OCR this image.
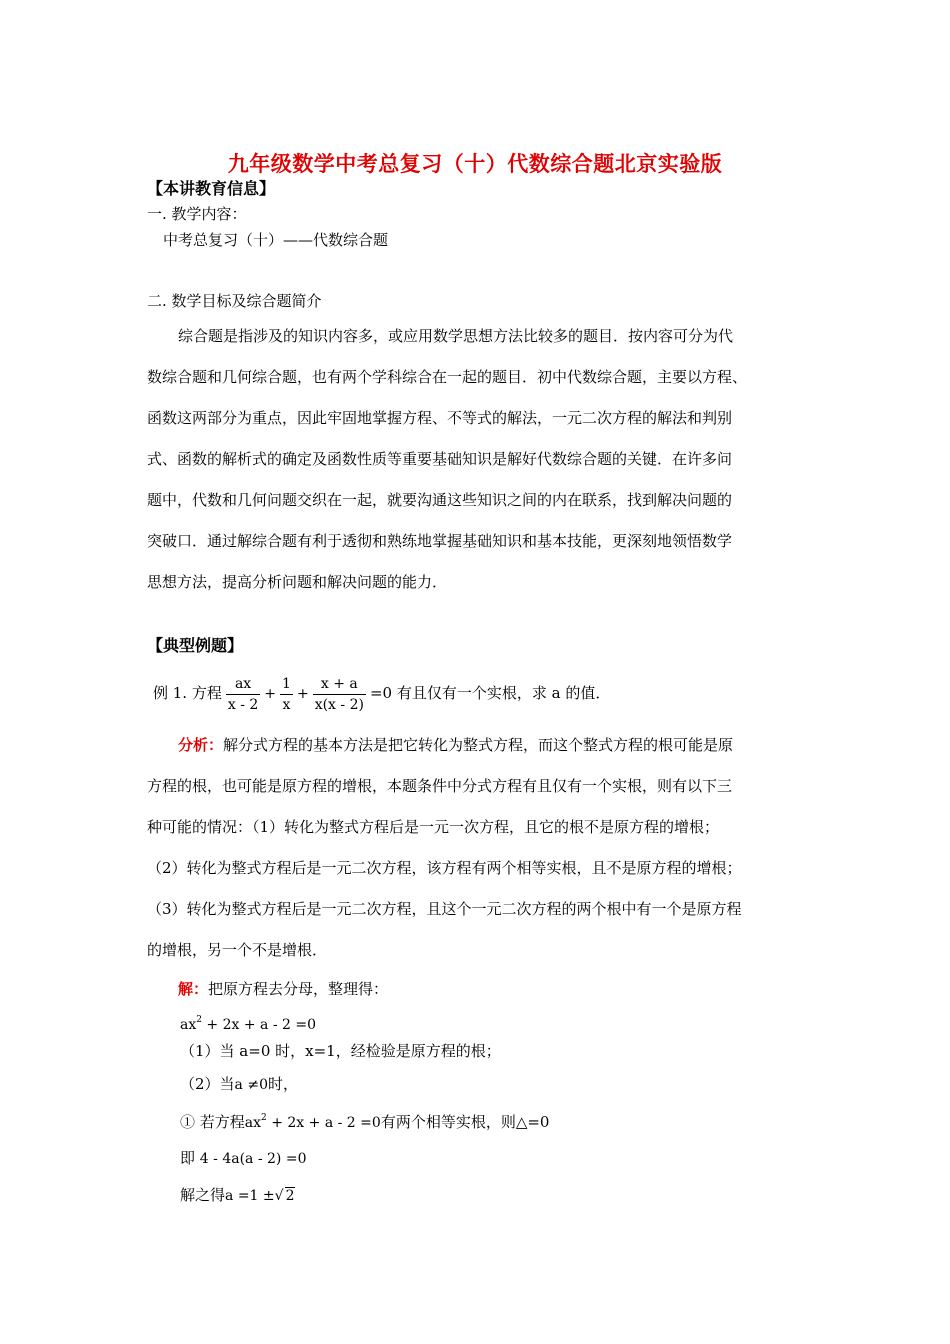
九年级数学中考总复习（十）代数综合题北京实验版
【本讲教育信息】
一. 教学内容：
中考总复习（十）——代数综合题
二. 数学目标及综合题简介
综合题是指涉及的知识内容多，或应用数学思想方法比较多的题目．按内容可分为代
数综合题和几何综合题，也有两个学科综合在一起的题目．初中代数综合题，主要以方程、
函数这两部分为重点，因此牢固地掌握方程、不等式的解法，一元二次方程的解法和判别
式、函数的解析式的确定及函数性质等重要基础知识是解好代数综合题的关键．在许多问
题中，代数和几何问题交织在一起，就要沟通这些知识之间的内在联系，找到解决问题的
突破口．通过解综合题有利于透彻和熟练地掌握基础知识和基本技能，更深刻地领悟数学
思想方法，提高分析问题和解决问题的能力．
【典型例题】
例 1. 方程 $\frac{ax}{x - 2} + \frac{1}{x} + \frac{x + a}{x(x - 2)} =0$ 有且仅有一个实根，求 a 的值．
分析：解分式方程的基本方法是把它转化为整式方程，而这个整式方程的根可能是原
方程的根，也可能是原方程的增根，本题条件中分式方程有且仅有一个实根，则有以下三
种可能的情况：（1）转化为整式方程后是一元一次方程，且它的根不是原方程的增根；
（2）转化为整式方程后是一元二次方程，该方程有两个相等实根，且不是原方程的增根；
（3）转化为整式方程后是一元二次方程，且这个一元二次方程的两个根中有一个是原方程
的增根，另一个不是增根．
解：把原方程去分母，整理得：
$ax^2 + 2x + a - 2 =0$
（1）当 a=0 时，x=1，经检验是原方程的根；
（2）当a ≠0时，
① 若方程$ax^2 + 2x + a - 2 =0$有两个相等实根，则△=0
即 4 - 4a(a - 2) =0
解之得a =1 ±√ 2
